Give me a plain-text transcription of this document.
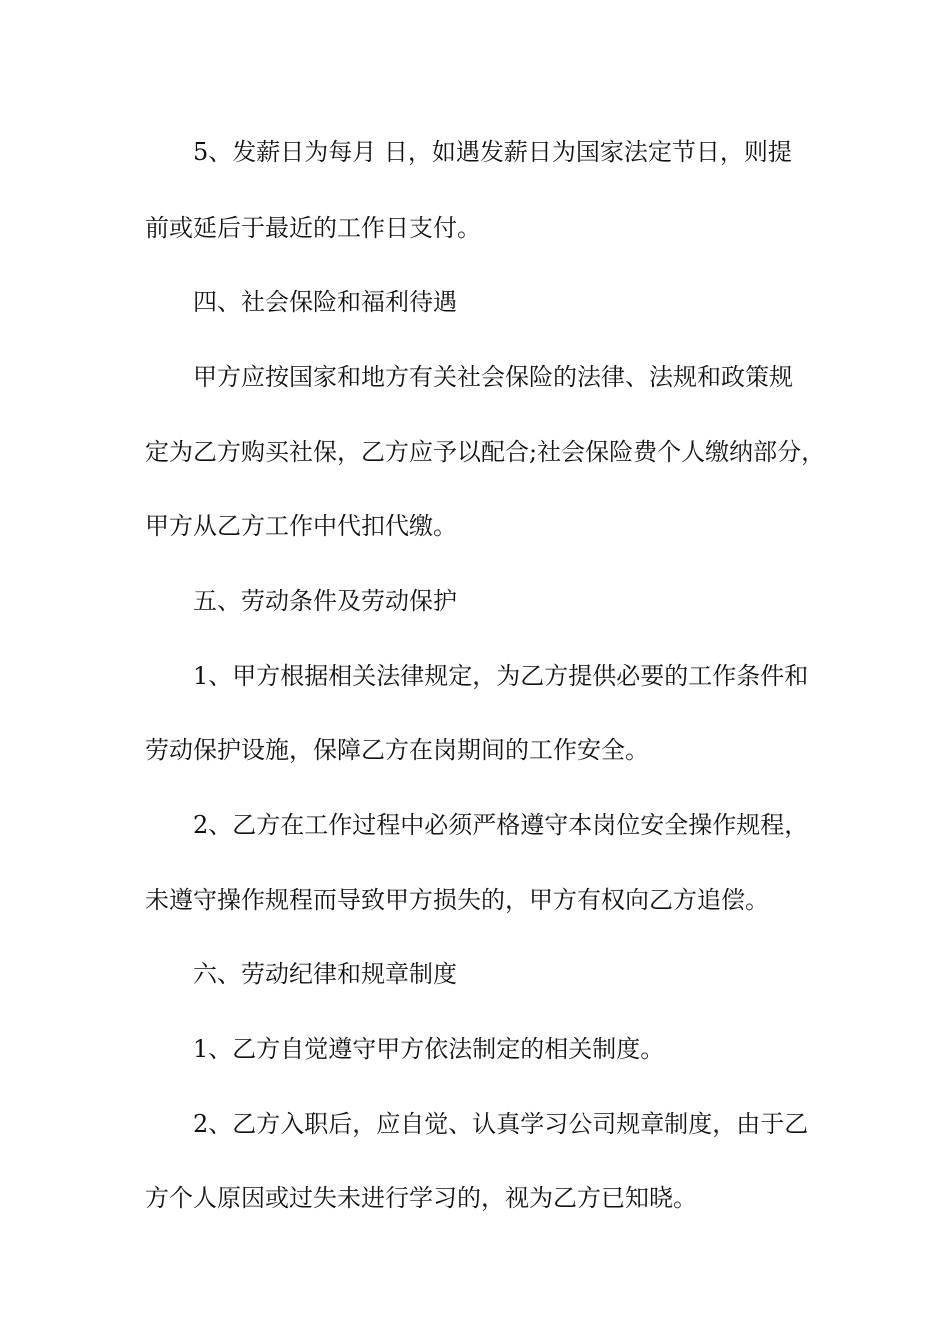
5、发薪日为每月 日，如遇发薪日为国家法定节日，则提
前或延后于最近的工作日支付。
四、社会保险和福利待遇
甲方应按国家和地方有关社会保险的法律、法规和政策规
定为乙方购买社保，乙方应予以配合;社会保险费个人缴纳部分，
甲方从乙方工作中代扣代缴。
五、劳动条件及劳动保护
1、甲方根据相关法律规定，为乙方提供必要的工作条件和
劳动保护设施，保障乙方在岗期间的工作安全。
2、乙方在工作过程中必须严格遵守本岗位安全操作规程，
未遵守操作规程而导致甲方损失的，甲方有权向乙方追偿。
六、劳动纪律和规章制度
1、乙方自觉遵守甲方依法制定的相关制度。
2、乙方入职后，应自觉、认真学习公司规章制度，由于乙
方个人原因或过失未进行学习的，视为乙方已知晓。
